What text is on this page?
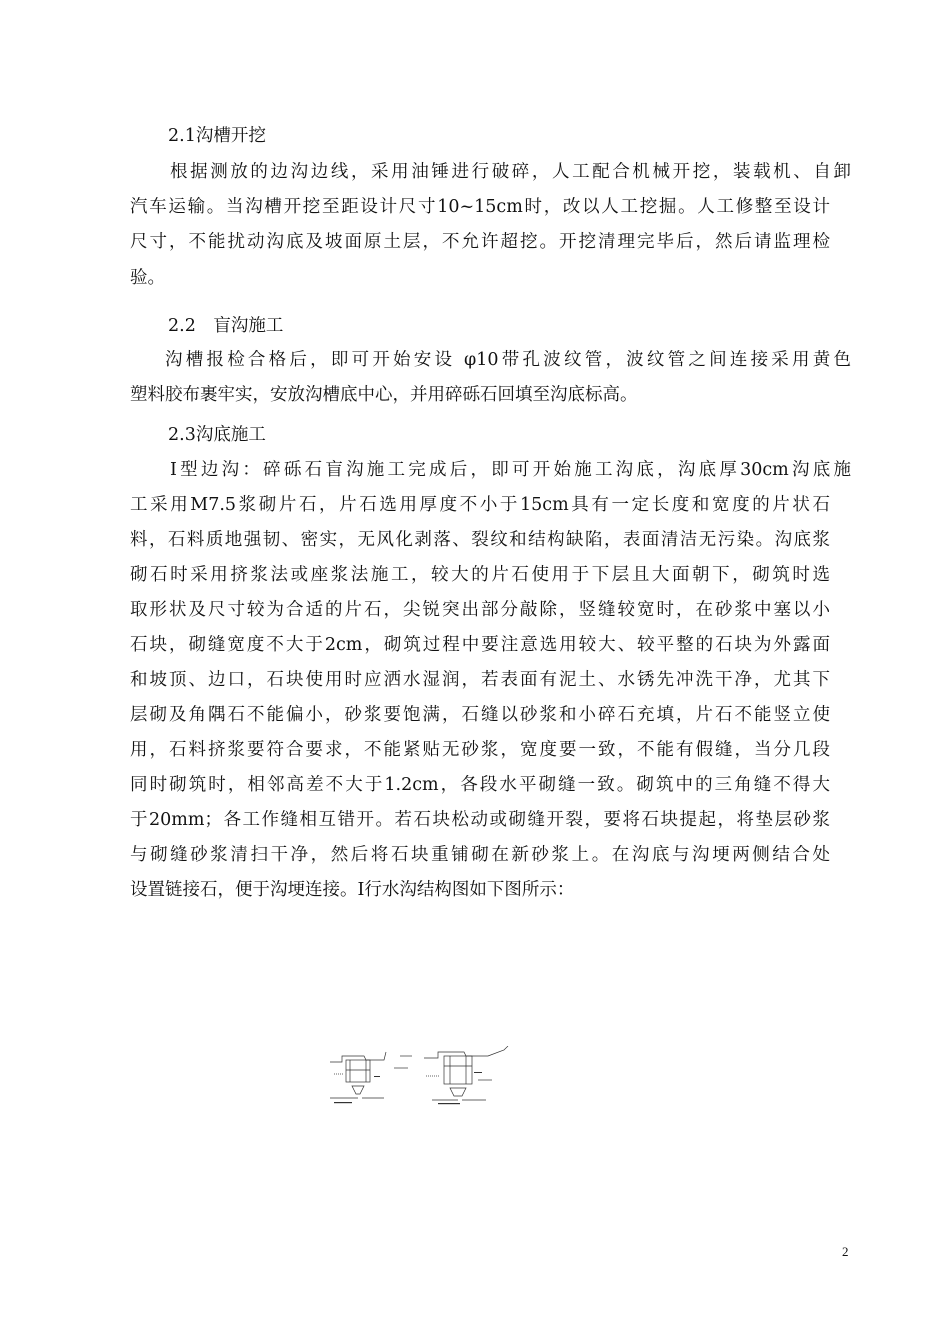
2.1沟槽开挖
根据测放的边沟边线，采用油锤进行破碎，人工配合机械开挖，装载机、自卸
汽车运输。当沟槽开挖至距设计尺寸10~15cm时，改以人工挖掘。人工修整至设计
尺寸，不能扰动沟底及坡面原土层，不允许超挖。开挖清理完毕后，然后请监理检
验。
2.2　盲沟施工
沟槽报检合格后，即可开始安设 φ10带孔波纹管，波纹管之间连接采用黄色
塑料胶布裹牢实，安放沟槽底中心，并用碎砾石回填至沟底标高。
2.3沟底施工
Ⅰ型边沟：碎砾石盲沟施工完成后，即可开始施工沟底，沟底厚30cm沟底施
工采用M7.5浆砌片石，片石选用厚度不小于15cm具有一定长度和宽度的片状石
料，石料质地强韧、密实，无风化剥落、裂纹和结构缺陷，表面清洁无污染。沟底浆
砌石时采用挤浆法或座浆法施工，较大的片石使用于下层且大面朝下，砌筑时选
取形状及尺寸较为合适的片石，尖锐突出部分敲除，竖缝较宽时，在砂浆中塞以小
石块，砌缝宽度不大于2cm，砌筑过程中要注意选用较大、较平整的石块为外露面
和坡顶、边口，石块使用时应洒水湿润，若表面有泥土、水锈先冲洗干净，尤其下
层砌及角隅石不能偏小，砂浆要饱满，石缝以砂浆和小碎石充填，片石不能竖立使
用，石料挤浆要符合要求，不能紧贴无砂浆，宽度要一致，不能有假缝，当分几段
同时砌筑时，相邻高差不大于1.2cm，各段水平砌缝一致。砌筑中的三角缝不得大
于20mm；各工作缝相互错开。若石块松动或砌缝开裂，要将石块提起，将垫层砂浆
与砌缝砂浆清扫干净，然后将石块重铺砌在新砂浆上。在沟底与沟埂两侧结合处
设置链接石，便于沟埂连接。Ⅰ行水沟结构图如下图所示：
2
